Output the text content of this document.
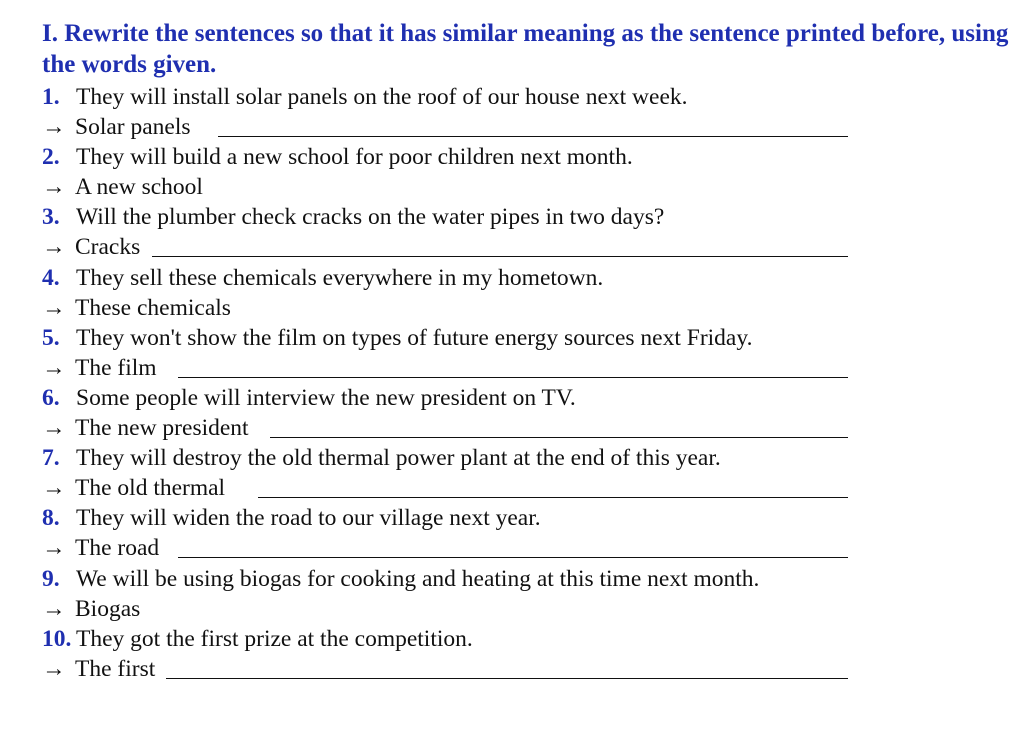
I. Rewrite the sentences so that it has similar meaning as the sentence printed before, using the words given.
1. They will install solar panels on the roof of our house next week.
→ Solar panels
2. They will build a new school for poor children next month.
→ A new school
3. Will the plumber check cracks on the water pipes in two days?
→ Cracks
4. They sell these chemicals everywhere in my hometown.
→ These chemicals
5. They won't show the film on types of future energy sources next Friday.
→ The film
6. Some people will interview the new president on TV.
→ The new president
7. They will destroy the old thermal power plant at the end of this year.
→ The old thermal
8. They will widen the road to our village next year.
→ The road
9. We will be using biogas for cooking and heating at this time next month.
→ Biogas
10. They got the first prize at the competition.
→ The first
